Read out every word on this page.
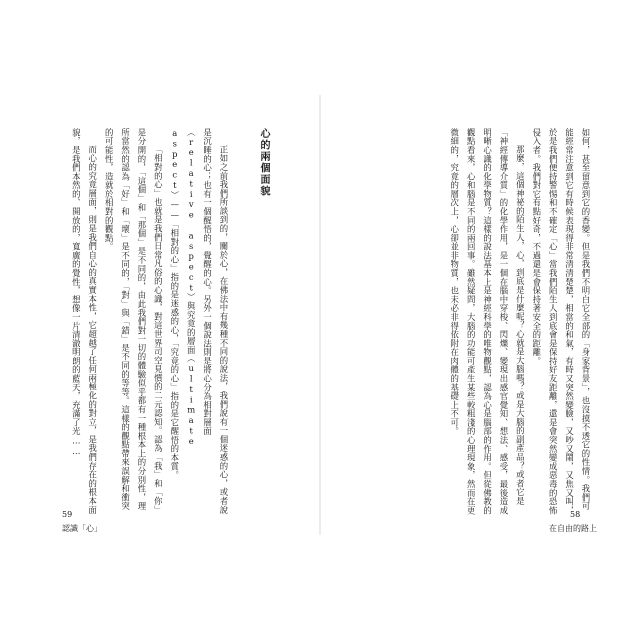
正如之前我們所談到的，關於心，在佛法中有幾種不同的說法，我們說有一個迷惑的心，或者說是沉睡的心；也有一個醒悟的，覺醒的心。另外一個說法則是將心分為相對層面（relative aspect）與究竟的層面（ultimate aspect）——「相對的心」指的是迷惑的心，「究竟的心」指的是它醒悟的本質。

「相對的心」也就是我們日常凡俗的心識，對這世界司空見慣的二元認知。認為「我」和「你」是分開的，「這個」和「那個」是不同的，由此我們對一切的體驗似乎都有一種根本上的分別性，理所當然的認為「好」和「壞」是不同的，「對」與「錯」是不同的等等。這樣的觀點帶來誤解和衝突的可能性，造就於相對的觀點。

而心的究竟層面，則是我們自心的真實本性，它超越了任何兩極化的對立，是我們存在的根本面貌，是我們本然的、開放的，寬廣的覺性，想像一片清澈明朗的藍天，充滿了光……	心的兩個面貌
59
認識「心」

如何，甚至留意到它的香變。但是我們不明白它全部的「身家背景」，也沒摸不透它的性情。我們可能經常注意到它有時候表現得非常清清楚楚，相當的和氣，有時又突然變臉，又吵又鬧，又焦又叫，於是我們便持警惕和不確定「心」當我們陌生人到底會是保持好友距離，還是會突然變成惡毒的恐怖侵入者。我們對它有點好奇，不過還是會保持著安全的距離。

那麼，這個神祕的陌生人，心，到底是什麼呢？心就是大腦嗎？或是大腦的副產品？或者它是「神經傳導介質」的化學作用，是一個在腦中穿梭、閃爍、變現出感官覺知、想法、感受，最後造成明晰心識的化學物質？這樣的說法基本上是神經科學的唯物觀點，認為心是腦部的作用。但從佛教的觀點看來，心和腦是不同的兩回事。雖然疑問，大腦的功能可產生某些較粗淺的心理現象，然而在更微細的，究竟的層次上，心卻並非物質，也未必非得依附在肉體的基礎上不可。

58
在自由的路上
